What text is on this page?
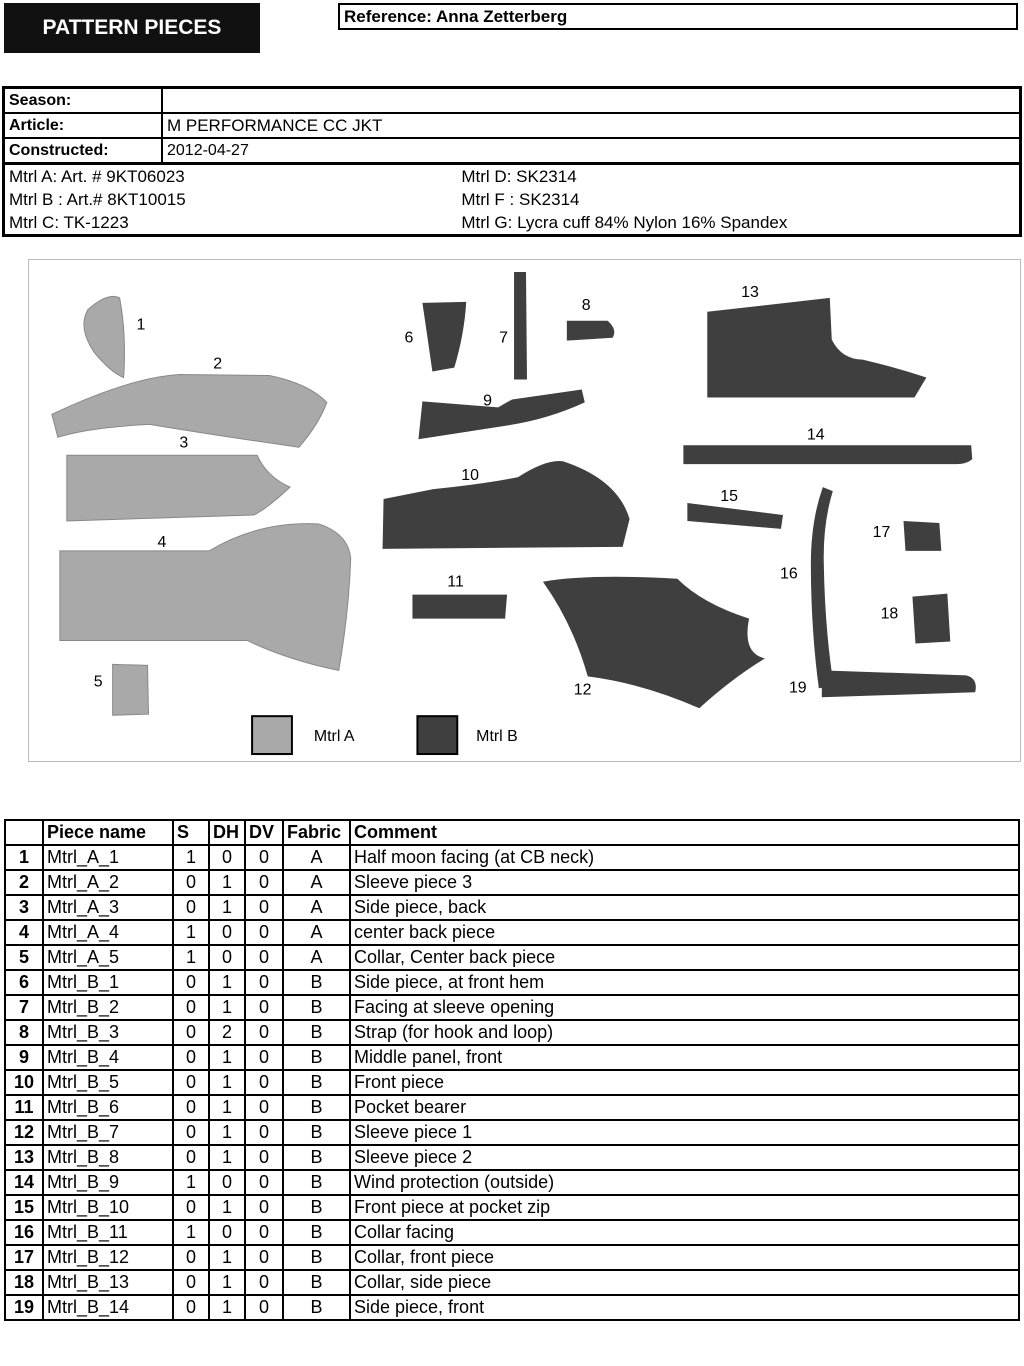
PATTERN PIECES	Reference: Anna Zetterberg
Season:		
Article:	M PERFORMANCE CC JKT	
Constructed:	2012-04-27	
Mtrl A: Art. # 9KT06023		Mtrl D: SK2314
Mtrl B : Art.# 8KT10015		Mtrl F : SK2314
Mtrl C: TK-1223		Mtrl G: Lycra cuff 84% Nylon 16% Spandex
1
2
3
4
5
6	7
8
9
10
11
12
13
14
15
16
17
18
19
Mtrl A	Mtrl B
	Piece name	S	DH	DV	Fabric	Comment
1	Mtrl_A_1	1	0	0	A	Half moon facing (at CB neck)
2	Mtrl_A_2	0	1	0	A	Sleeve piece 3
3	Mtrl_A_3	0	1	0	A	Side piece, back
4	Mtrl_A_4	1	0	0	A	center back piece
5	Mtrl_A_5	1	0	0	A	Collar, Center back piece
6	Mtrl_B_1	0	1	0	B	Side piece, at front hem
7	Mtrl_B_2	0	1	0	B	Facing at sleeve opening
8	Mtrl_B_3	0	2	0	B	Strap (for hook and loop)
9	Mtrl_B_4	0	1	0	B	Middle panel, front
10	Mtrl_B_5	0	1	0	B	Front piece
11	Mtrl_B_6	0	1	0	B	Pocket bearer
12	Mtrl_B_7	0	1	0	B	Sleeve piece 1
13	Mtrl_B_8	0	1	0	B	Sleeve piece 2
14	Mtrl_B_9	1	0	0	B	Wind protection (outside)
15	Mtrl_B_10	0	1	0	B	Front piece at pocket zip
16	Mtrl_B_11	1	0	0	B	Collar facing
17	Mtrl_B_12	0	1	0	B	Collar, front piece
18	Mtrl_B_13	0	1	0	B	Collar, side piece
19	Mtrl_B_14	0	1	0	B	Side piece, front
